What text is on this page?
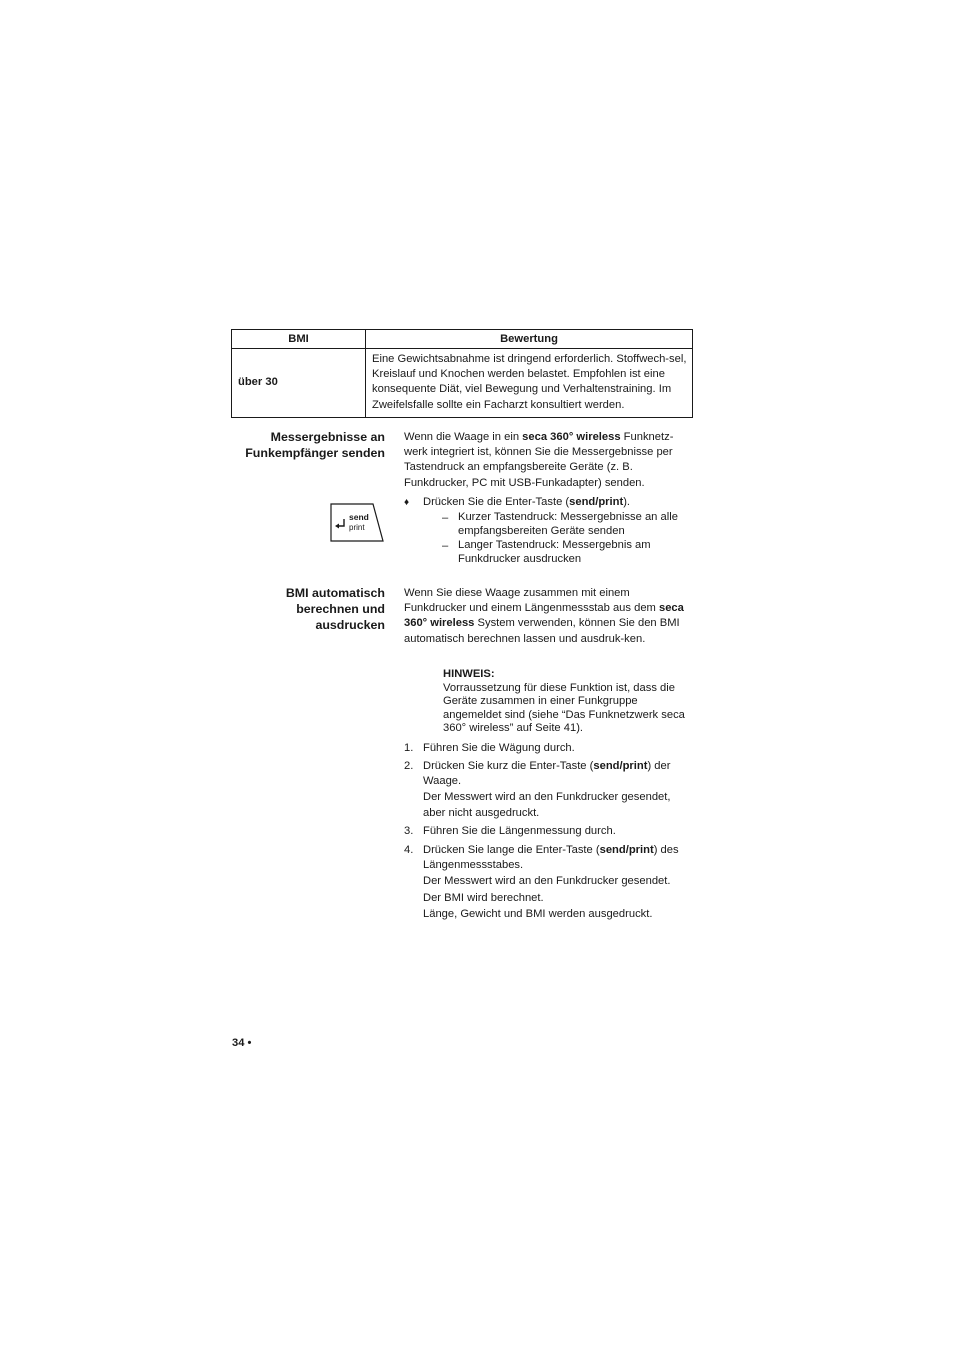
BMI	Bewertung
über 30	Eine Gewichtsabnahme ist dringend erforderlich. Stoffwech-sel, Kreislauf und Knochen werden belastet. Empfohlen ist eine konsequente Diät, viel Bewegung und Verhaltenstraining. Im Zweifelsfalle sollte ein Facharzt konsultiert werden.
Messergebnisse an
Funkempfänger senden

Wenn die Waage in ein seca 360° wireless Funknetz-werk integriert ist, können Sie die Messergebnisse per Tastendruck an empfangsbereite Geräte (z. B. Funkdrucker, PC mit USB-Funkadapter) senden.

send
print
♦ Drücken Sie die Enter-Taste (send/print).
– Kurzer Tastendruck: Messergebnisse an alle empfangsbereiten Geräte senden
– Langer Tastendruck: Messergebnis am Funkdrucker ausdrucken
BMI automatisch
berechnen und
ausdrucken

Wenn Sie diese Waage zusammen mit einem Funkdrucker und einem Längenmessstab aus dem seca 360° wireless System verwenden, können Sie den BMI automatisch berechnen lassen und ausdruk-ken.

HINWEIS:
Vorraussetzung für diese Funktion ist, dass die Geräte zusammen in einer Funkgruppe angemeldet sind (siehe “Das Funknetzwerk seca 360° wireless” auf Seite 41).
1. Führen Sie die Wägung durch.

2. Drücken Sie kurz die Enter-Taste (send/print) der Waage.

Der Messwert wird an den Funkdrucker gesendet, aber nicht ausgedruckt.

3. Führen Sie die Längenmessung durch.

4. Drücken Sie lange die Enter-Taste (send/print) des Längenmessstabes.

Der Messwert wird an den Funkdrucker gesendet.

Der BMI wird berechnet.

Länge, Gewicht und BMI werden ausgedruckt.

34 •
